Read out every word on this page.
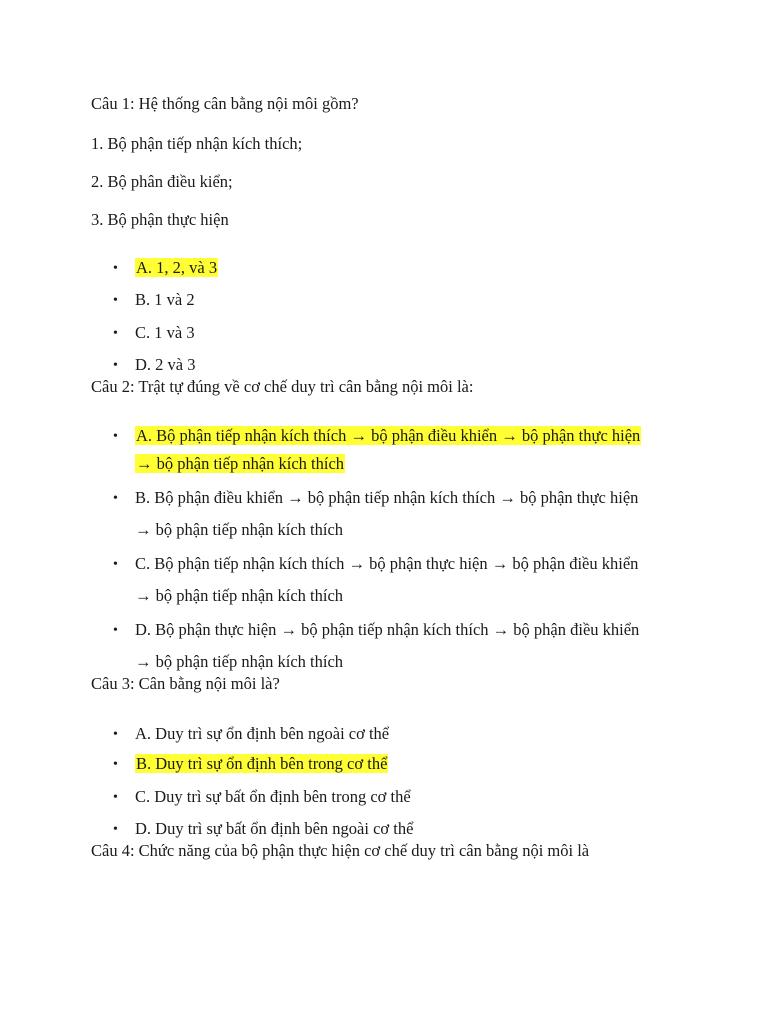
Câu 1: Hệ thống cân bằng nội môi gồm?
1. Bộ phận tiếp nhận kích thích;
2. Bộ phân điều kiển;
3. Bộ phận thực hiện
• A. 1, 2, và 3
• B. 1 và 2
• C. 1 và 3
• D. 2 và 3
Câu 2: Trật tự đúng về cơ chế duy trì cân bằng nội môi là:
• A. Bộ phận tiếp nhận kích thích → bộ phận điều khiển → bộ phận thực hiện
→ bộ phận tiếp nhận kích thích
• B. Bộ phận điều khiển → bộ phận tiếp nhận kích thích → bộ phận thực hiện
→ bộ phận tiếp nhận kích thích
• C. Bộ phận tiếp nhận kích thích → bộ phận thực hiện → bộ phận điều khiển
→ bộ phận tiếp nhận kích thích
• D. Bộ phận thực hiện → bộ phận tiếp nhận kích thích → bộ phận điều khiển
→ bộ phận tiếp nhận kích thích
Câu 3: Cân bằng nội môi là?
• A. Duy trì sự ổn định bên ngoài cơ thể
• B. Duy trì sự ổn định bên trong cơ thể
• C. Duy trì sự bất ổn định bên trong cơ thể
• D. Duy trì sự bất ổn định bên ngoài cơ thể
Câu 4: Chức năng của bộ phận thực hiện cơ chế duy trì cân bằng nội môi là
